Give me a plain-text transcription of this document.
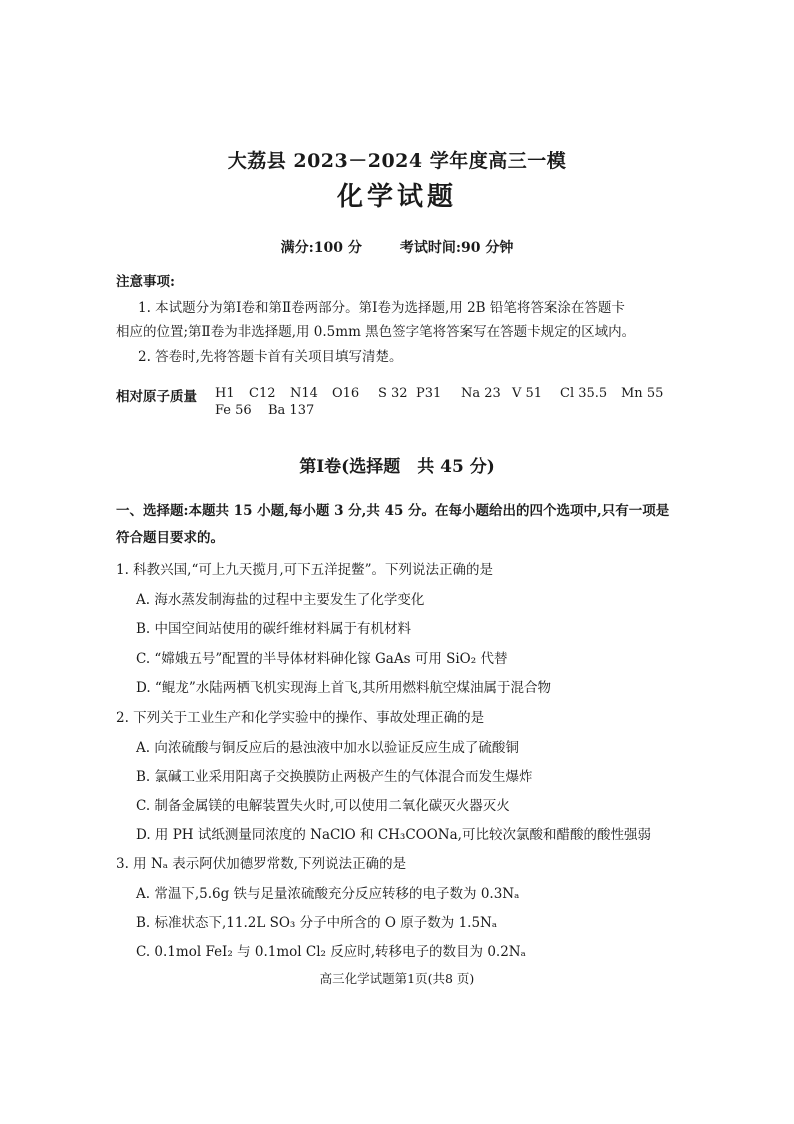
大荔县 2023－2024 学年度高三一模
化学试题
满分:100 分	考试时间:90 分钟
注意事项:
1. 本试题分为第Ⅰ卷和第Ⅱ卷两部分。第Ⅰ卷为选择题,用 2B 铅笔将答案涂在答题卡
相应的位置;第Ⅱ卷为非选择题,用 0.5mm 黑色签字笔将答案写在答题卡规定的区域内。
2. 答卷时,先将答题卡首有关项目填写清楚。
相对原子质量 H1 C12 N14 O16 S 32 P31 Na 23 V 51 Cl 35.5 Mn 55
Fe 56 Ba 137
第Ⅰ卷(选择题　共 45 分)
一、选择题:本题共 15 小题,每小题 3 分,共 45 分。在每小题给出的四个选项中,只有一项是
符合题目要求的。
1. 科教兴国,“可上九天揽月,可下五洋捉鳖”。下列说法正确的是
A. 海水蒸发制海盐的过程中主要发生了化学变化
B. 中国空间站使用的碳纤维材料属于有机材料
C. “嫦娥五号”配置的半导体材料砷化镓 GaAs 可用 SiO₂ 代替
D. “鲲龙”水陆两栖飞机实现海上首飞,其所用燃料航空煤油属于混合物
2. 下列关于工业生产和化学实验中的操作、事故处理正确的是
A. 向浓硫酸与铜反应后的悬浊液中加水以验证反应生成了硫酸铜
B. 氯碱工业采用阳离子交换膜防止两极产生的气体混合而发生爆炸
C. 制备金属镁的电解装置失火时,可以使用二氧化碳灭火器灭火
D. 用 PH 试纸测量同浓度的 NaClO 和 CH₃COONa,可比较次氯酸和醋酸的酸性强弱
3. 用 Nₐ 表示阿伏加德罗常数,下列说法正确的是
A. 常温下,5.6g 铁与足量浓硫酸充分反应转移的电子数为 0.3Nₐ
B. 标准状态下,11.2L SO₃ 分子中所含的 O 原子数为 1.5Nₐ
C. 0.1mol FeI₂ 与 0.1mol Cl₂ 反应时,转移电子的数目为 0.2Nₐ
高三化学试题第1页(共8 页)
